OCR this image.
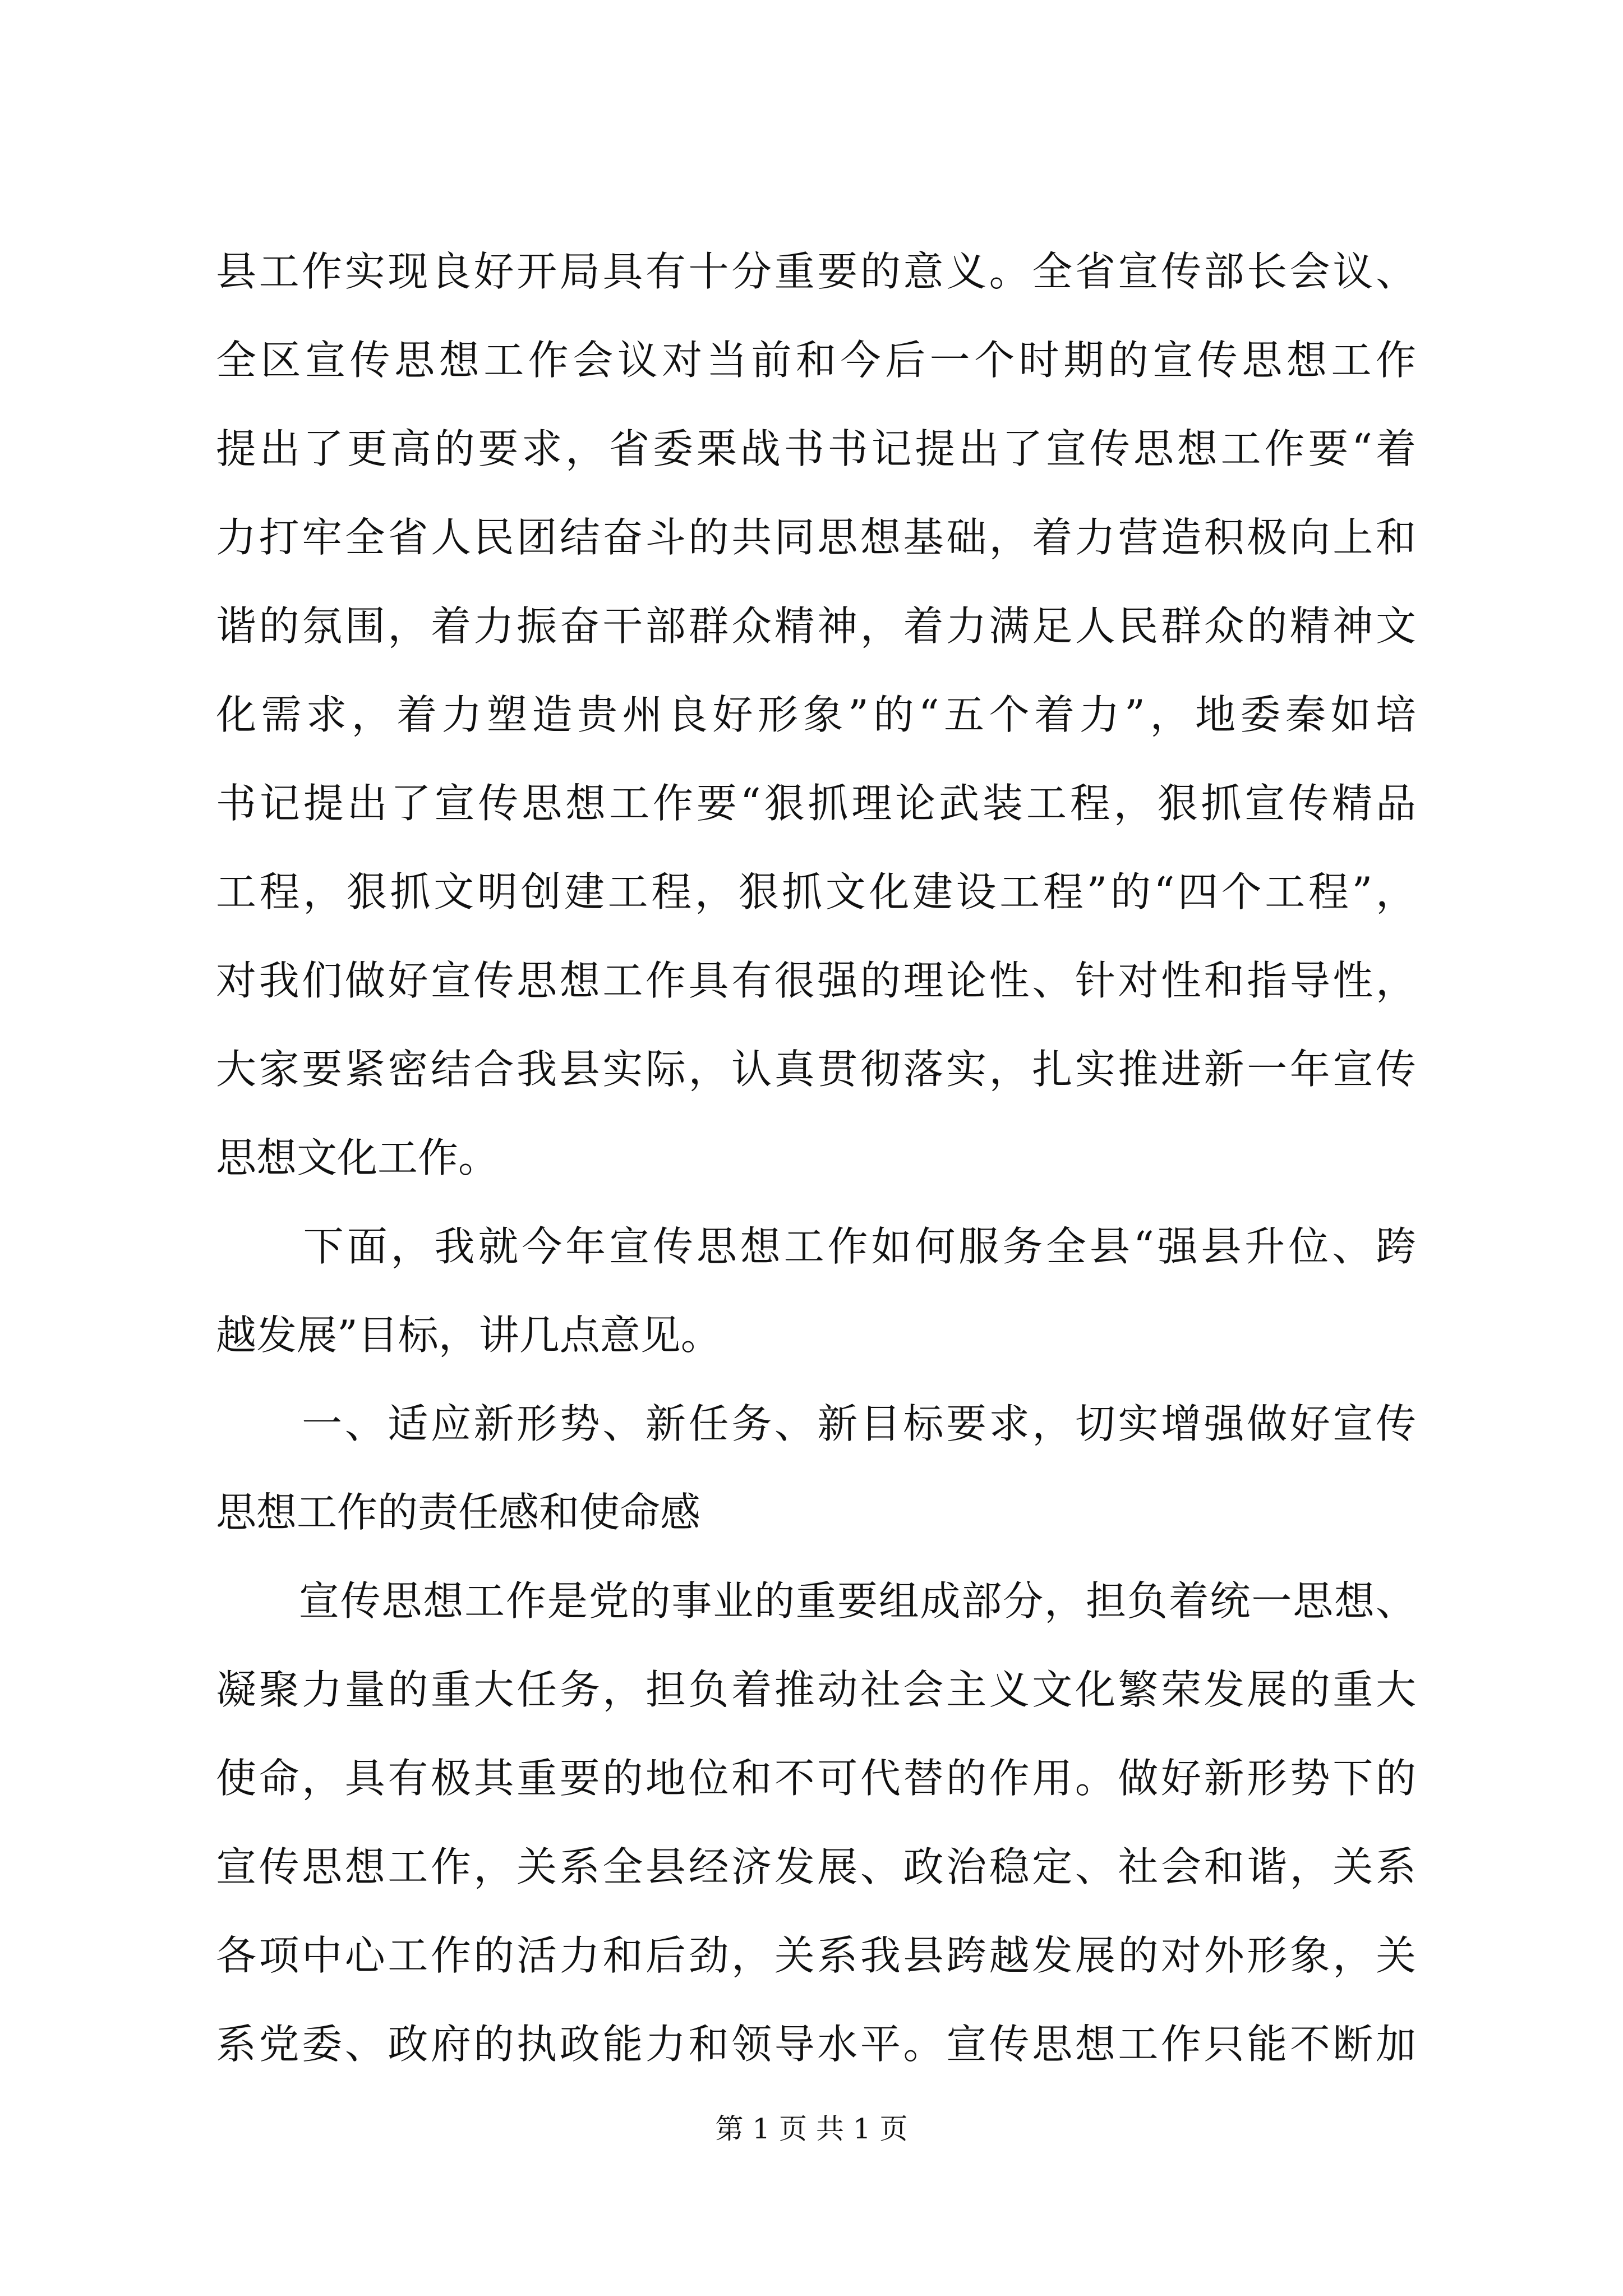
县工作实现良好开局具有十分重要的意义。全省宣传部长会议、
全区宣传思想工作会议对当前和今后一个时期的宣传思想工作
提出了更高的要求，省委栗战书书记提出了宣传思想工作要“着
力打牢全省人民团结奋斗的共同思想基础，着力营造积极向上和
谐的氛围，着力振奋干部群众精神，着力满足人民群众的精神文
化需求，着力塑造贵州良好形象”的“五个着力”，地委秦如培
书记提出了宣传思想工作要“狠抓理论武装工程，狠抓宣传精品
工程，狠抓文明创建工程，狠抓文化建设工程”的“四个工程”，
对我们做好宣传思想工作具有很强的理论性、针对性和指导性，
大家要紧密结合我县实际，认真贯彻落实，扎实推进新一年宣传
思想文化工作。
　　下面，我就今年宣传思想工作如何服务全县“强县升位、跨
越发展”目标，讲几点意见。
　　一、适应新形势、新任务、新目标要求，切实增强做好宣传
思想工作的责任感和使命感
　　宣传思想工作是党的事业的重要组成部分，担负着统一思想、
凝聚力量的重大任务，担负着推动社会主义文化繁荣发展的重大
使命，具有极其重要的地位和不可代替的作用。做好新形势下的
宣传思想工作，关系全县经济发展、政治稳定、社会和谐，关系
各项中心工作的活力和后劲，关系我县跨越发展的对外形象，关
系党委、政府的执政能力和领导水平。宣传思想工作只能不断加
第 1 页 共 1 页
